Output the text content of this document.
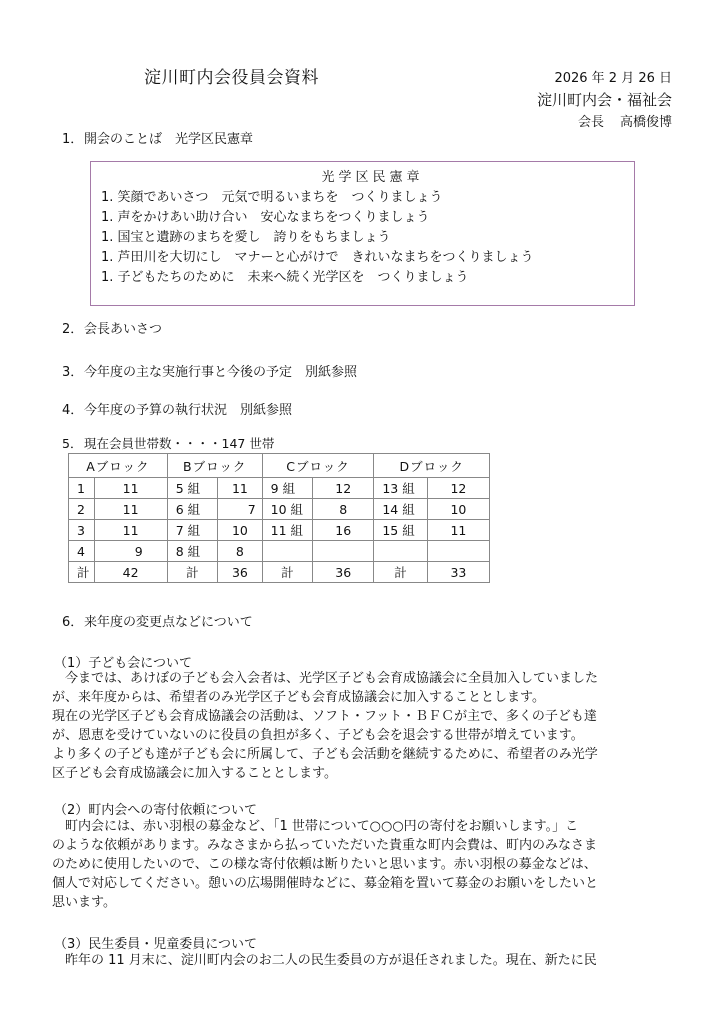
淀川町内会役員会資料	2026 年 2 月 26 日
淀川町内会・福祉会
会長 高橋俊博
1．開会のことば　光学区民憲章
光学区民憲章
1. 笑顔であいさつ　元気で明るいまちを　つくりましょう
1. 声をかけあい助け合い　安心なまちをつくりましょう
1. 国宝と遺跡のまちを愛し　誇りをもちましょう
1. 芦田川を大切にし　マナーと心がけで　きれいなまちをつくりましょう
1. 子どもたちのために　未来へ続く光学区を　つくりましょう
2．会長あいさつ
3．今年度の主な実施行事と今後の予定　別紙参照
4．今年度の予算の執行状況　別紙参照
5． 現在会員世帯数・・・・147 世帯
Aブロック		Bブロック		Cブロック		Dブロック	
1	11	5 組	11	9 組	12	13 組	12
2	11	6 組	7	10 組	8	14 組	10
3	11	7 組	10	11 組	16	15 組	11
4	9	8 組	8				
計	42	計	36	計	36	計	33
6．来年度の変更点などについて
（1）子ども会について

　今までは、あけぼの子ども会入会者は、光学区子ども会育成協議会に全員加入していました

が、来年度からは、希望者のみ光学区子ども会育成協議会に加入することとします。

現在の光学区子ども会育成協議会の活動は、ソフト・フット・ＢＦＣが主で、多くの子ども達

が、恩恵を受けていないのに役員の負担が多く、子ども会を退会する世帯が増えています。

より多くの子ども達が子ども会に所属して、子ども会活動を継続するために、希望者のみ光学

区子ども会育成協議会に加入することとします。

（2）町内会への寄付依頼について

　町内会には、赤い羽根の募金など、「1 世帯について○○○円の寄付をお願いします。」こ

のような依頼があります。みなさまから払っていただいた貴重な町内会費は、町内のみなさま

のために使用したいので、この様な寄付依頼は断りたいと思います。赤い羽根の募金などは、

個人で対応してください。憩いの広場開催時などに、募金箱を置いて募金のお願いをしたいと

思います。

（3）民生委員・児童委員について

　昨年の 11 月末に、淀川町内会のお二人の民生委員の方が退任されました。現在、新たに民
